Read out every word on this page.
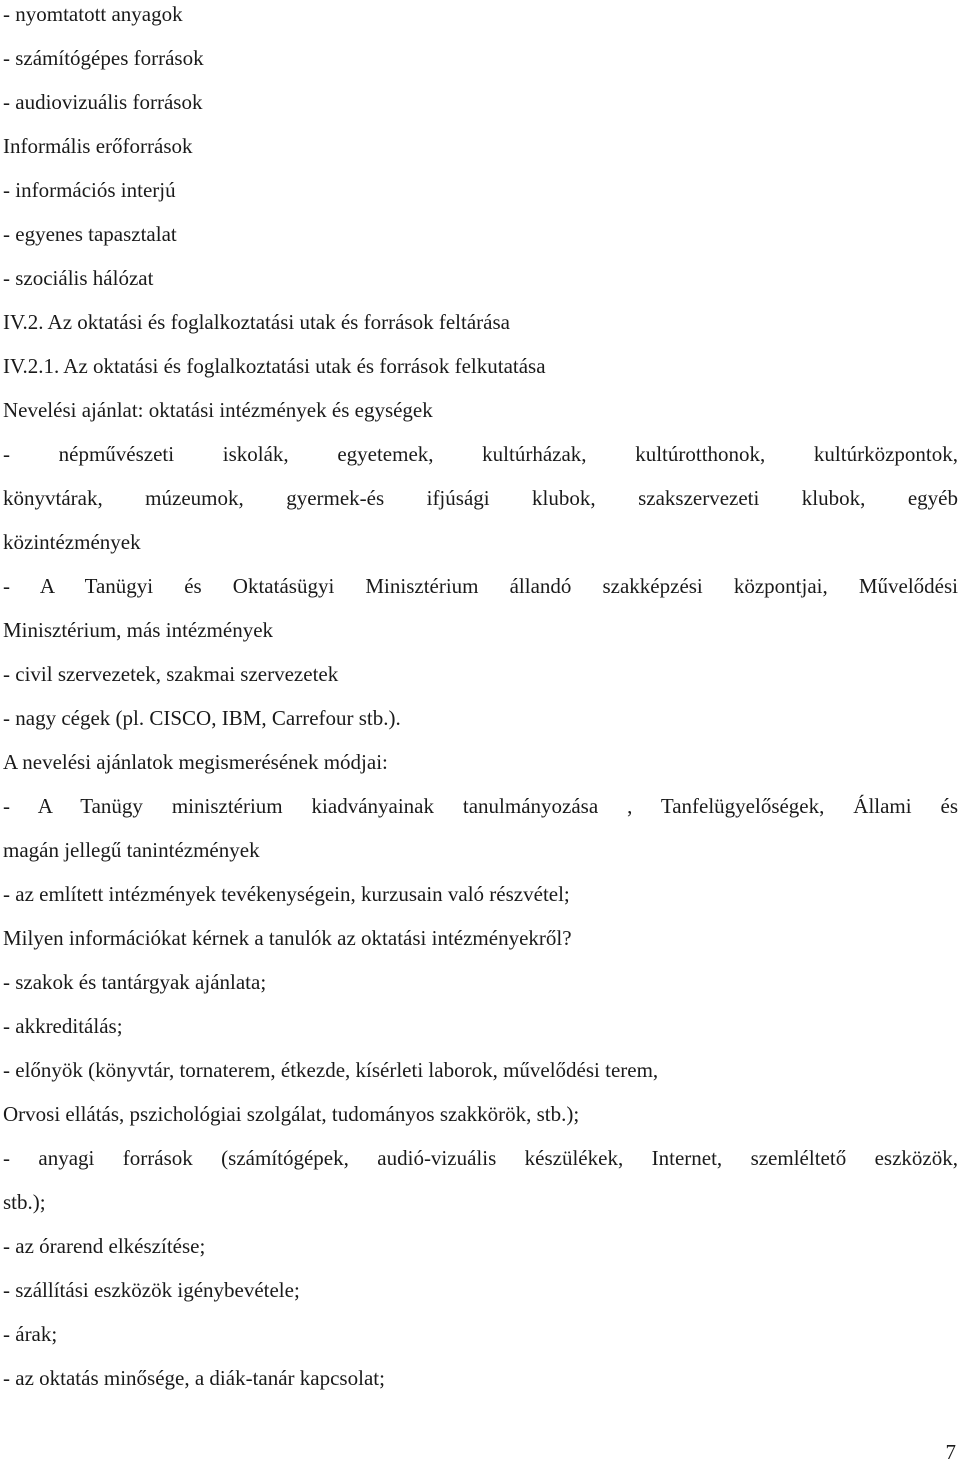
- nyomtatott anyagok
- számítógépes források
- audiovizuális források
Informális erőforrások
- információs interjú
- egyenes tapasztalat
- szociális hálózat
IV.2. Az oktatási és foglalkoztatási utak és források feltárása
IV.2.1. Az oktatási és foglalkoztatási utak és források felkutatása
Nevelési ajánlat: oktatási intézmények és egységek
- népművészeti iskolák, egyetemek, kultúrházak, kultúrotthonok, kultúrközpontok,
könyvtárak, múzeumok, gyermek-és ifjúsági klubok, szakszervezeti klubok, egyéb
közintézmények
- A Tanügyi és Oktatásügyi Minisztérium állandó szakképzési központjai, Művelődési
Minisztérium, más intézmények
- civil szervezetek, szakmai szervezetek
- nagy cégek (pl. CISCO, IBM, Carrefour stb.).
A nevelési ajánlatok megismerésének módjai:
- A Tanügy minisztérium kiadványainak tanulmányozása , Tanfelügyelőségek, Állami és
magán jellegű tanintézmények
- az említett intézmények tevékenységein, kurzusain való részvétel;
Milyen információkat kérnek a tanulók az oktatási intézményekről?
- szakok és tantárgyak ajánlata;
- akkreditálás;
- előnyök (könyvtár, tornaterem, étkezde, kísérleti laborok, művelődési terem,
Orvosi ellátás, pszichológiai szolgálat, tudományos szakkörök, stb.);
- anyagi források (számítógépek, audió-vizuális készülékek, Internet, szemléltető eszközök,
stb.);
- az órarend elkészítése;
- szállítási eszközök igénybevétele;
- árak;
- az oktatás minősége, a diák-tanár kapcsolat;
7
